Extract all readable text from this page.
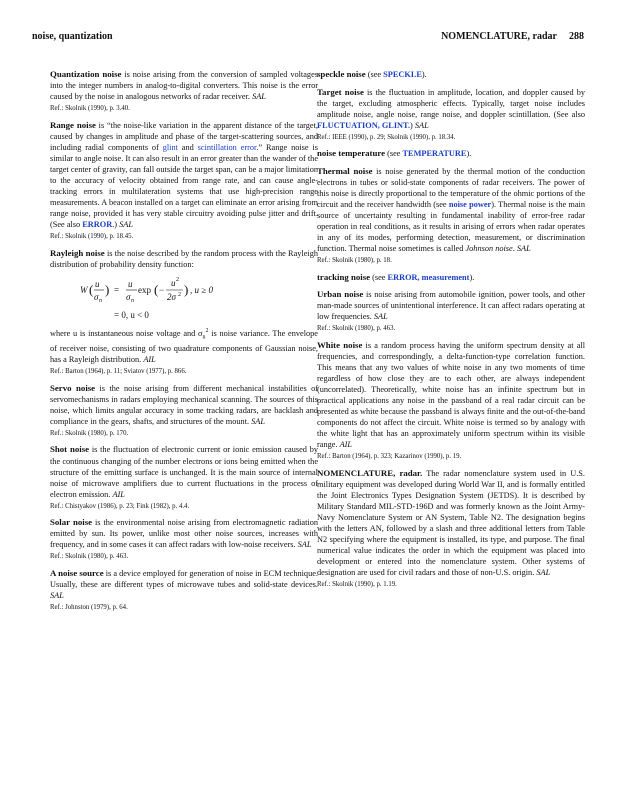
noise, quantization	NOMENCLATURE, radar 288

Quantization noise is noise arising from the conversion of sampled voltages into the integer numbers in analog-to-digital converters. This noise is the error caused by the noise in analogous networks of radar receiver. SAL

Ref.: Skolnik (1990), p. 3.40.

Range noise is “the noise-like variation in the apparent distance of the target, caused by changes in amplitude and phase of the target-scattering sources, and including radial components of glint and scintillation error.” Range noise is similar to angle noise. It can also result in an error greater than the wander of the target center of gravity, can fall outside the target span, can be a major limitation to the accuracy of velocity obtained from range rate, and can cause angle-tracking errors in multilateration systems that use high-precision range measurements. A beacon installed on a target can eliminate an error arising from range noise, provided it has very stable circuitry avoiding pulse jitter and drift. (See also ERROR.) SAL

Ref.: Skolnik (1990), p. 18.45.

Rayleigh noise is the noise described by the random process with the Rayleigh distribution of probability density function:

W ( u
σ n
) =
u
σ n
exp ( −
u 2
2σ 2 ) , u ≥ 0
= 0, u < 0

where u is instantaneous noise voltage and $\sigma_n^2$ is noise variance. The envelope of receiver noise, consisting of two quadrature components of Gaussian noise, has a Rayleigh distribution. AIL

Ref.: Barton (1964), p. 11; Sviatov (1977), p. 866.

Servo noise is the noise arising from different mechanical instabilities of servomechanisms in radars employing mechanical scanning. The sources of this noise, which limits angular accuracy in some tracking radars, are backlash and compliance in the gears, shafts, and structures of the mount. SAL

Ref.: Skolnik (1980), p. 170.

Shot noise is the fluctuation of electronic current or ionic emission caused by the continuous changing of the number electrons or ions being emitted when the structure of the emitting surface is unchanged. It is the main source of internal noise of microwave amplifiers due to current fluctuations in the process of electron emission. AIL

Ref.: Chistyakov (1986), p. 23; Fink (1982), p. 4.4.

Solar noise is the environmental noise arising from electromagnetic radiation emitted by sun. Its power, unlike most other noise sources, increases with frequency, and in some cases it can affect radars with low-noise receivers. SAL

Ref.: Skolnik (1980), p. 463.

A noise source is a device employed for generation of noise in ECM technique. Usually, these are different types of microwave tubes and solid-state devices. SAL

Ref.: Johnston (1979), p. 64.

speckle noise (see SPECKLE).

Target noise is the fluctuation in amplitude, location, and doppler caused by the target, excluding atmospheric effects. Typically, target noise includes amplitude noise, angle noise, range noise, and doppler scintillation. (See also FLUCTUATION, GLINT.) SAL

Ref.: IEEE (1990), p. 29; Skolnik (1990), p. 18.34.

noise temperature (see TEMPERATURE).

Thermal noise is noise generated by the thermal motion of the conduction electrons in tubes or solid-state components of radar receivers. The power of this noise is directly proportional to the temperature of the ohmic portions of the circuit and the receiver handwidth (see noise power). Thermal noise is the main source of uncertainty resulting in fundamental inability of error-free radar operation in real conditions, as it results in arising of errors when radar operates in any of its modes, performing detection, measurement, or discrimination function. Thermal noise sometimes is called Johnson noise. SAL

Ref.: Skolnik (1980), p. 18.

tracking noise (see ERROR, measurement).

Urban noise is noise arising from automobile ignition, power tools, and other man-made sources of unintentional interference. It can affect radars operating at low frequencies. SAL

Ref.: Skolnik (1980), p. 463.

White noise is a random process having the uniform spectrum density at all frequencies, and correspondingly, a delta-function-type correlation function. This means that any two values of white noise in any two moments of time regardless of how close they are to each other, are always independent (uncorrelated). Theoretically, white noise has an infinite spectrum but in practical applications any noise in the passband of a real radar circuit can be presented as white because the passband is always finite and the out-of-the-band components do not affect the circuit. White noise is termed so by analogy with the white light that has an approximately uniform spectrum within its visible range. AIL

Ref.: Barton (1964), p. 323; Kazarinov (1990), p. 19.

NOMENCLATURE, radar. The radar nomenclature system used in U.S. military equipment was developed during World War II, and is formally entitled the Joint Electronics Types Designation System (JETDS). It is described by Military Standard MIL-STD-196D and was formerly known as the Joint Army-Navy Nomenclature System or AN System, Table N2. The designation begins with the letters AN, followed by a slash and three additional letters from Table N2 specifying where the equipment is installed, its type, and purpose. The final numerical value indicates the order in which the equipment was placed into development or entered into the nomenclature system. Other systems of designation are used for civil radars and those of non-U.S. origin. SAL

Ref.: Skolnik (1990), p. 1.19.
